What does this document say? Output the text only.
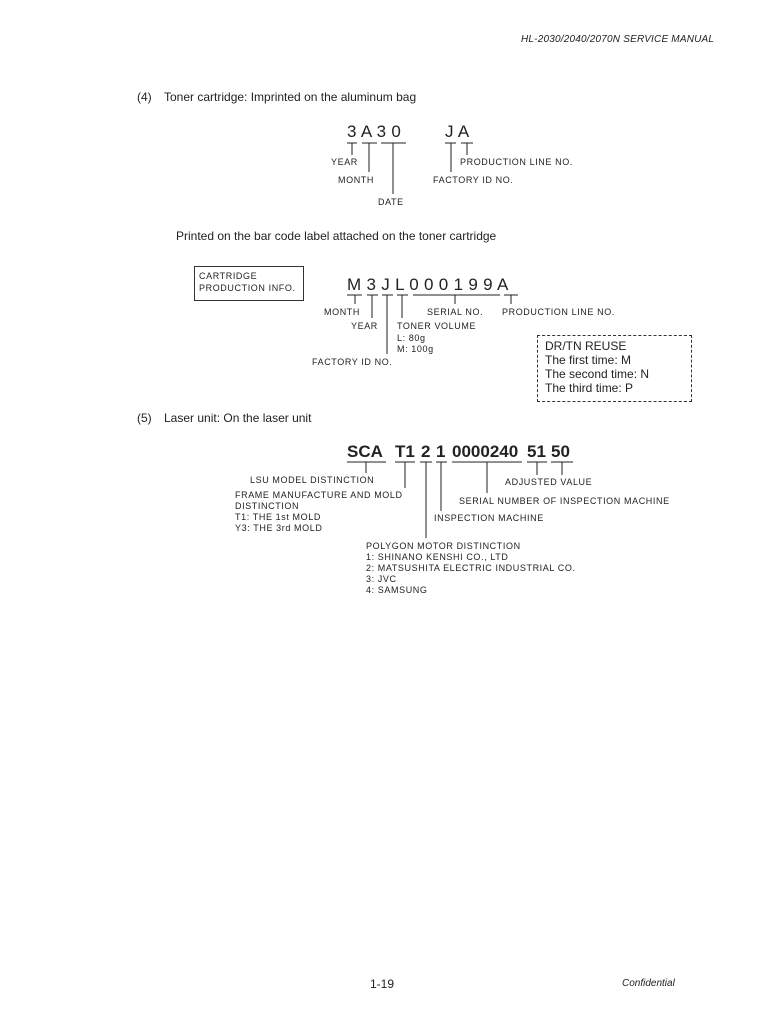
HL-2030/2040/2070N SERVICE MANUAL
(4) Toner cartridge: Imprinted on the aluminum bag
3 A 3 0	J A
YEAR
MONTH
DATE
PRODUCTION LINE NO.
FACTORY ID NO.
Printed on the bar code label attached on the toner cartridge
CARTRIDGE
PRODUCTION INFO.	M 3 J L 0 0 0 1 9 9 A
MONTH
YEAR
SERIAL NO. PRODUCTION LINE NO.
TONER VOLUME
L: 80g
M: 100g
FACTORY ID NO.
DR/TN REUSE
The first time: M
The second time: N
The third time: P
(5) Laser unit: On the laser unit
SCA T1 2 1 0000240 51 50
LSU MODEL DISTINCTION
FRAME MANUFACTURE AND MOLD
DISTINCTION
T1: THE 1st MOLD
Y3: THE 3rd MOLD
ADJUSTED VALUE
SERIAL NUMBER OF INSPECTION MACHINE
INSPECTION MACHINE
POLYGON MOTOR DISTINCTION
1: SHINANO KENSHI CO., LTD
2: MATSUSHITA ELECTRIC INDUSTRIAL CO.
3: JVC
4: SAMSUNG
1-19	Confidential
